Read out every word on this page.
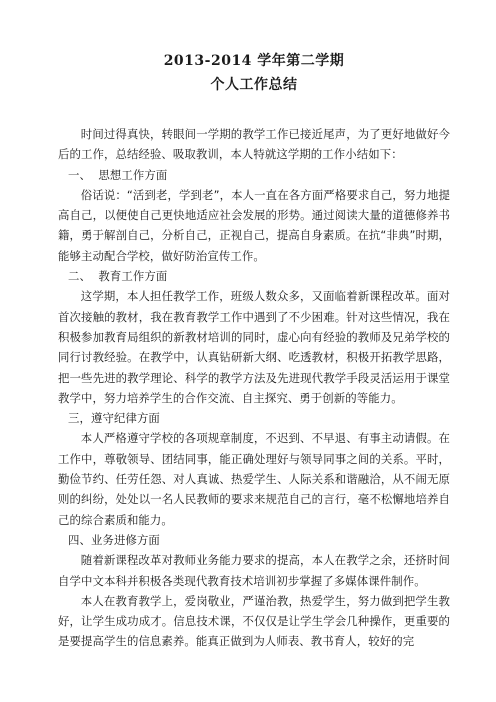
2013-2014 学年第二学期
个人工作总结

时间过得真快，转眼间一学期的教学工作已接近尾声，为了更好地做好今后的工作，总结经验、吸取教训，本人特就这学期的工作小结如下：

一、  思想工作方面

俗话说：“活到老，学到老”，本人一直在各方面严格要求自己，努力地提高自己，以便使自己更快地适应社会发展的形势。通过阅读大量的道德修养书籍，勇于解剖自己，分析自己，正视自己，提高自身素质。在抗“非典”时期，能够主动配合学校，做好防治宣传工作。

二、  教育工作方面

这学期，本人担任教学工作，班级人数众多，又面临着新课程改革。面对首次接触的教材，我在教育教学工作中遇到了不少困难。针对这些情况，我在积极参加教育局组织的新教材培训的同时，虚心向有经验的教师及兄弟学校的同行讨教经验。在教学中，认真钻研新大纲、吃透教材，积极开拓教学思路，把一些先进的教学理论、科学的教学方法及先进现代教学手段灵活运用于课堂教学中，努力培养学生的合作交流、自主探究、勇于创新的等能力。

三，遵守纪律方面

本人严格遵守学校的各项规章制度，不迟到、不早退、有事主动请假。在工作中，尊敬领导、团结同事，能正确处理好与领导同事之间的关系。平时，勤俭节约、任劳任怨、对人真诚、热爱学生、人际关系和谐融洽，从不闹无原则的纠纷，处处以一名人民教师的要求来规范自己的言行，毫不松懈地培养自己的综合素质和能力。

四、业务进修方面

随着新课程改革对教师业务能力要求的提高，本人在教学之余，还挤时间自学中文本科并积极各类现代教育技术培训初步掌握了多媒体课件制作。

本人在教育教学上，爱岗敬业，严谨治教，热爱学生，努力做到把学生教好，让学生成功成才。信息技术课，不仅仅是让学生学会几种操作，更重要的是要提高学生的信息素养。能真正做到为人师表、教书育人，较好的完
